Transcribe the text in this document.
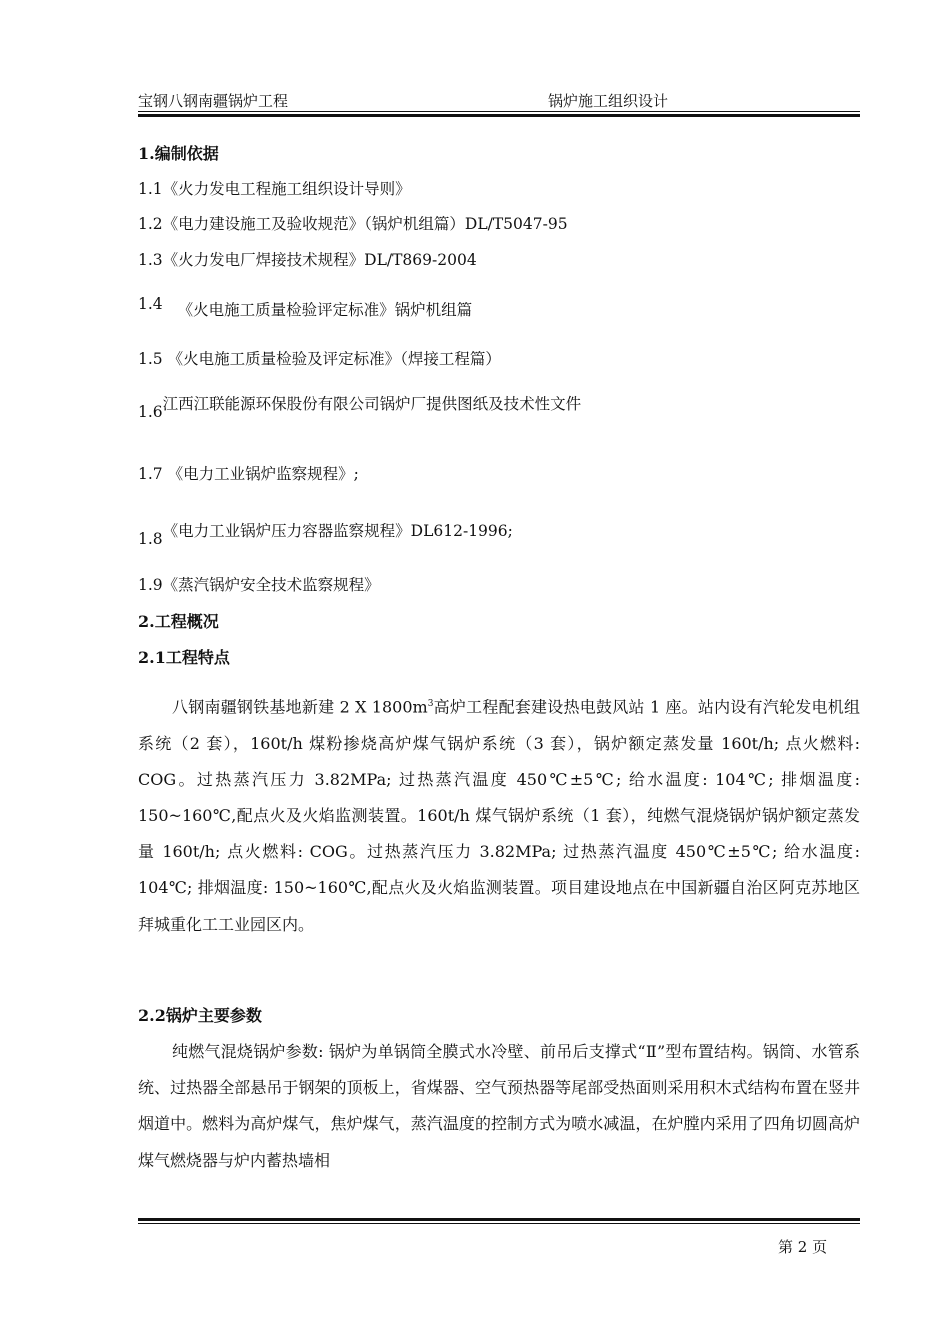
宝钢八钢南疆锅炉工程	锅炉施工组织设计
1.编制依据
1.1《火力发电工程施工组织设计导则》
1.2《电力建设施工及验收规范》（锅炉机组篇）DL/T5047-95
1.3《火力发电厂焊接技术规程》DL/T869-2004
1.4 《火电施工质量检验评定标准》锅炉机组篇
1.5 《火电施工质量检验及评定标准》（焊接工程篇）
1.6江西江联能源环保股份有限公司锅炉厂提供图纸及技术性文件
1.7 《电力工业锅炉监察规程》;
1.8《电力工业锅炉压力容器监察规程》DL612-1996;
1.9《蒸汽锅炉安全技术监察规程》
2.工程概况
2.1工程特点

八钢南疆钢铁基地新建 2 X $1800m^3$高炉工程配套建设热电鼓风站 1 座。站内设有汽轮发电机组系统（2 套），160t/h 煤粉掺烧高炉煤气锅炉系统（3 套），锅炉额定蒸发量 160t/h; 点火燃料: COG。过热蒸汽压力 3.82MPa; 过热蒸汽温度 450℃±5℃; 给水温度: 104℃; 排烟温度: 150~160℃,配点火及火焰监测装置。160t/h 煤气锅炉系统（1 套），纯燃气混烧锅炉锅炉额定蒸发量 160t/h; 点火燃料: COG。过热蒸汽压力 3.82MPa; 过热蒸汽温度 450℃±5℃; 给水温度: 104℃; 排烟温度: 150~160℃,配点火及火焰监测装置。项目建设地点在中国新疆自治区阿克苏地区拜城重化工工业园区内。

2.2锅炉主要参数

纯燃气混烧锅炉参数: 锅炉为单锅筒全膜式水冷壁、前吊后支撑式“Ⅱ”型布置结构。锅筒、水管系统、过热器全部悬吊于钢架的顶板上，省煤器、空气预热器等尾部受热面则采用积木式结构布置在竖井烟道中。燃料为高炉煤气，焦炉煤气，蒸汽温度的控制方式为喷水减温，在炉膛内采用了四角切圆高炉煤气燃烧器与炉内蓄热墙相

第 2 页
